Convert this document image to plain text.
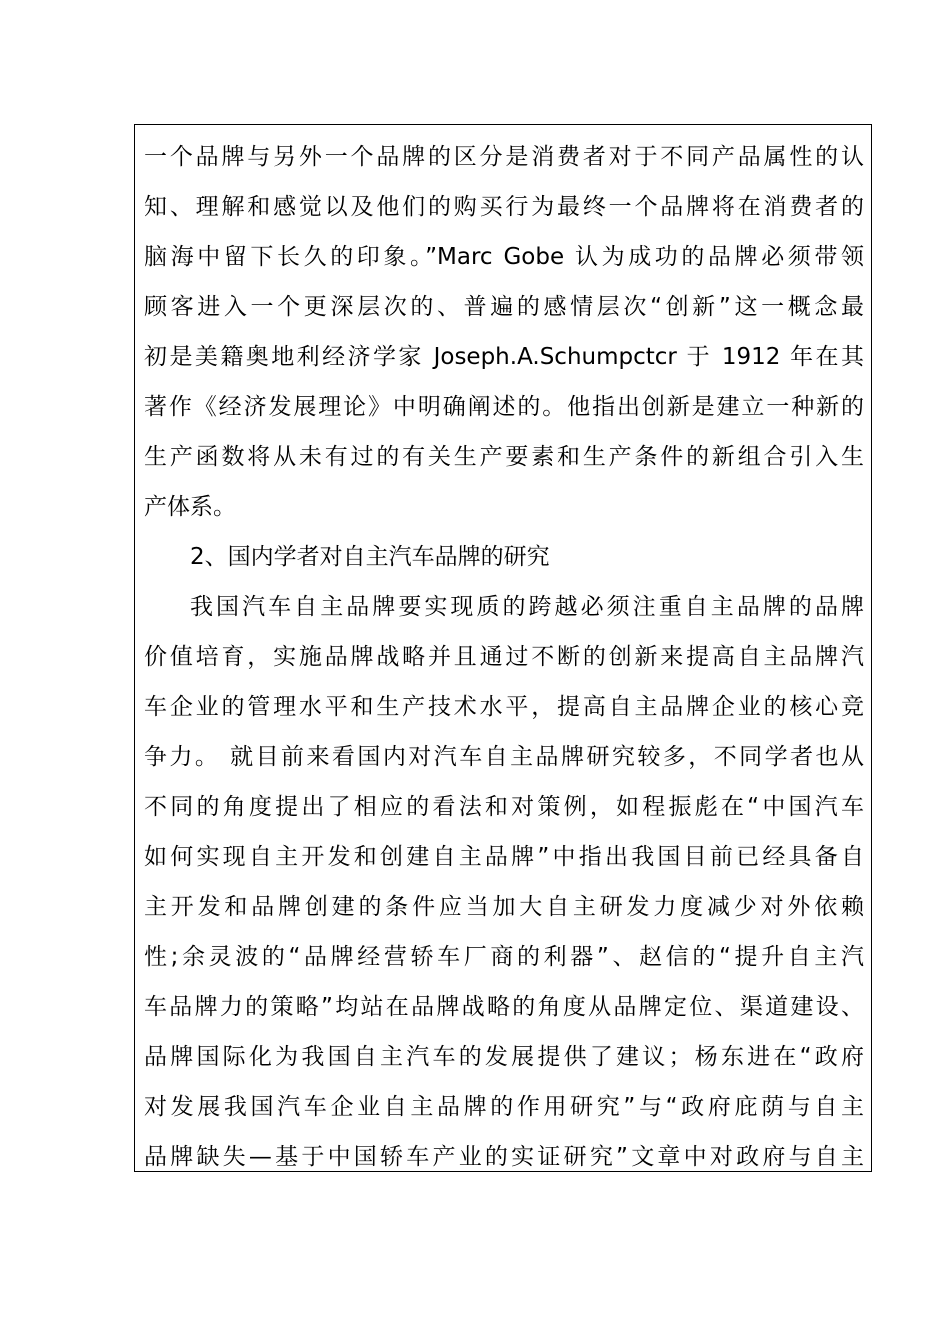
一个品牌与另外一个品牌的区分是消费者对于不同产品属性的认
知、理解和感觉以及他们的购买行为最终一个品牌将在消费者的
脑海中留下长久的印象。”Marc Gobe 认为成功的品牌必须带领
顾客进入一个更深层次的、普遍的感情层次“创新”这一概念最
初是美籍奥地利经济学家 Joseph.A.Schumpctcr 于 1912 年在其
著作《经济发展理论》中明确阐述的。他指出创新是建立一种新的
生产函数将从未有过的有关生产要素和生产条件的新组合引入生
产体系。
2、国内学者对自主汽车品牌的研究
我国汽车自主品牌要实现质的跨越必须注重自主品牌的品牌
价值培育，实施品牌战略并且通过不断的创新来提高自主品牌汽
车企业的管理水平和生产技术水平，提高自主品牌企业的核心竞
争力。 就目前来看国内对汽车自主品牌研究较多，不同学者也从
不同的角度提出了相应的看法和对策例，如程振彪在“中国汽车
如何实现自主开发和创建自主品牌”中指出我国目前已经具备自
主开发和品牌创建的条件应当加大自主研发力度减少对外依赖
性;余灵波的“品牌经营轿车厂商的利器”、赵信的“提升自主汽
车品牌力的策略”均站在品牌战略的角度从品牌定位、渠道建设、
品牌国际化为我国自主汽车的发展提供了建议；杨东进在“政府
对发展我国汽车企业自主品牌的作用研究”与“政府庇荫与自主
品牌缺失—基于中国轿车产业的实证研究”文章中对政府与自主
